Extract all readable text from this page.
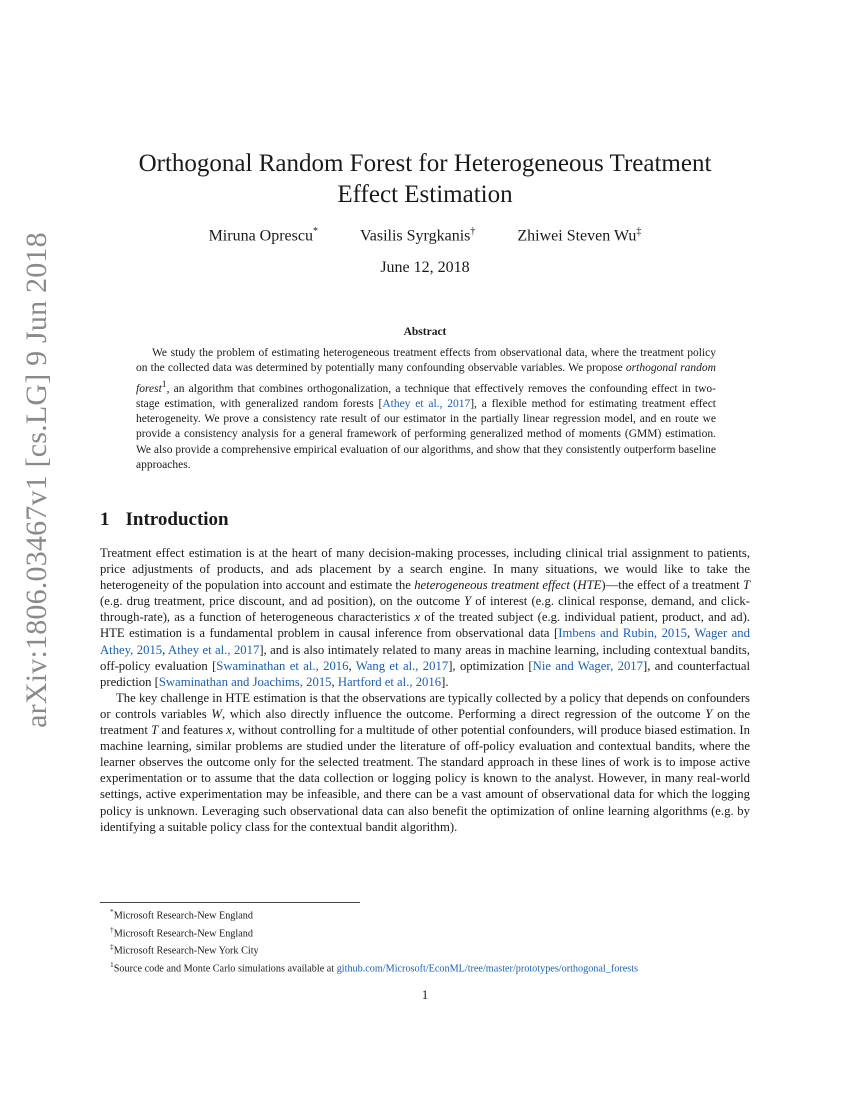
arXiv:1806.03467v1 [cs.LG] 9 Jun 2018
Orthogonal Random Forest for Heterogeneous Treatment
Effect Estimation
Miruna Oprescu*	Vasilis Syrgkanis†	Zhiwei Steven Wu‡
June 12, 2018
Abstract

We study the problem of estimating heterogeneous treatment effects from observational data, where the treatment policy on the collected data was determined by potentially many confounding observable variables. We propose orthogonal random forest$^1$, an algorithm that combines orthogonalization, a technique that effectively removes the confounding effect in two-stage estimation, with generalized random forests [Athey et al., 2017], a flexible method for estimating treatment effect heterogeneity. We prove a consistency rate result of our estimator in the partially linear regression model, and en route we provide a consistency analysis for a general framework of performing generalized method of moments (GMM) estimation. We also provide a comprehensive empirical evaluation of our algorithms, and show that they consistently outperform baseline approaches.

1 Introduction

Treatment effect estimation is at the heart of many decision-making processes, including clinical trial assignment to patients, price adjustments of products, and ads placement by a search engine. In many situations, we would like to take the heterogeneity of the population into account and estimate the heterogeneous treatment effect (HTE)—the effect of a treatment T (e.g. drug treatment, price discount, and ad position), on the outcome Y of interest (e.g. clinical response, demand, and click-through-rate), as a function of heterogeneous characteristics x of the treated subject (e.g. individual patient, product, and ad). HTE estimation is a fundamental problem in causal inference from observational data [Imbens and Rubin, 2015, Wager and Athey, 2015, Athey et al., 2017], and is also intimately related to many areas in machine learning, including contextual bandits, off-policy evaluation [Swaminathan et al., 2016, Wang et al., 2017], optimization [Nie and Wager, 2017], and counterfactual prediction [Swaminathan and Joachims, 2015, Hartford et al., 2016].

The key challenge in HTE estimation is that the observations are typically collected by a policy that depends on confounders or controls variables W, which also directly influence the outcome. Performing a direct regression of the outcome Y on the treatment T and features x, without controlling for a multitude of other potential confounders, will produce biased estimation. In machine learning, similar problems are studied under the literature of off-policy evaluation and contextual bandits, where the learner observes the outcome only for the selected treatment. The standard approach in these lines of work is to impose active experimentation or to assume that the data collection or logging policy is known to the analyst. However, in many real-world settings, active experimentation may be infeasible, and there can be a vast amount of observational data for which the logging policy is unknown. Leveraging such observational data can also benefit the optimization of online learning algorithms (e.g. by identifying a suitable policy class for the contextual bandit algorithm).

*Microsoft Research-New England
†Microsoft Research-New England
‡Microsoft Research-New York City
$^1$Source code and Monte Carlo simulations available at github.com/Microsoft/EconML/tree/master/prototypes/orthogonal_forests
1
